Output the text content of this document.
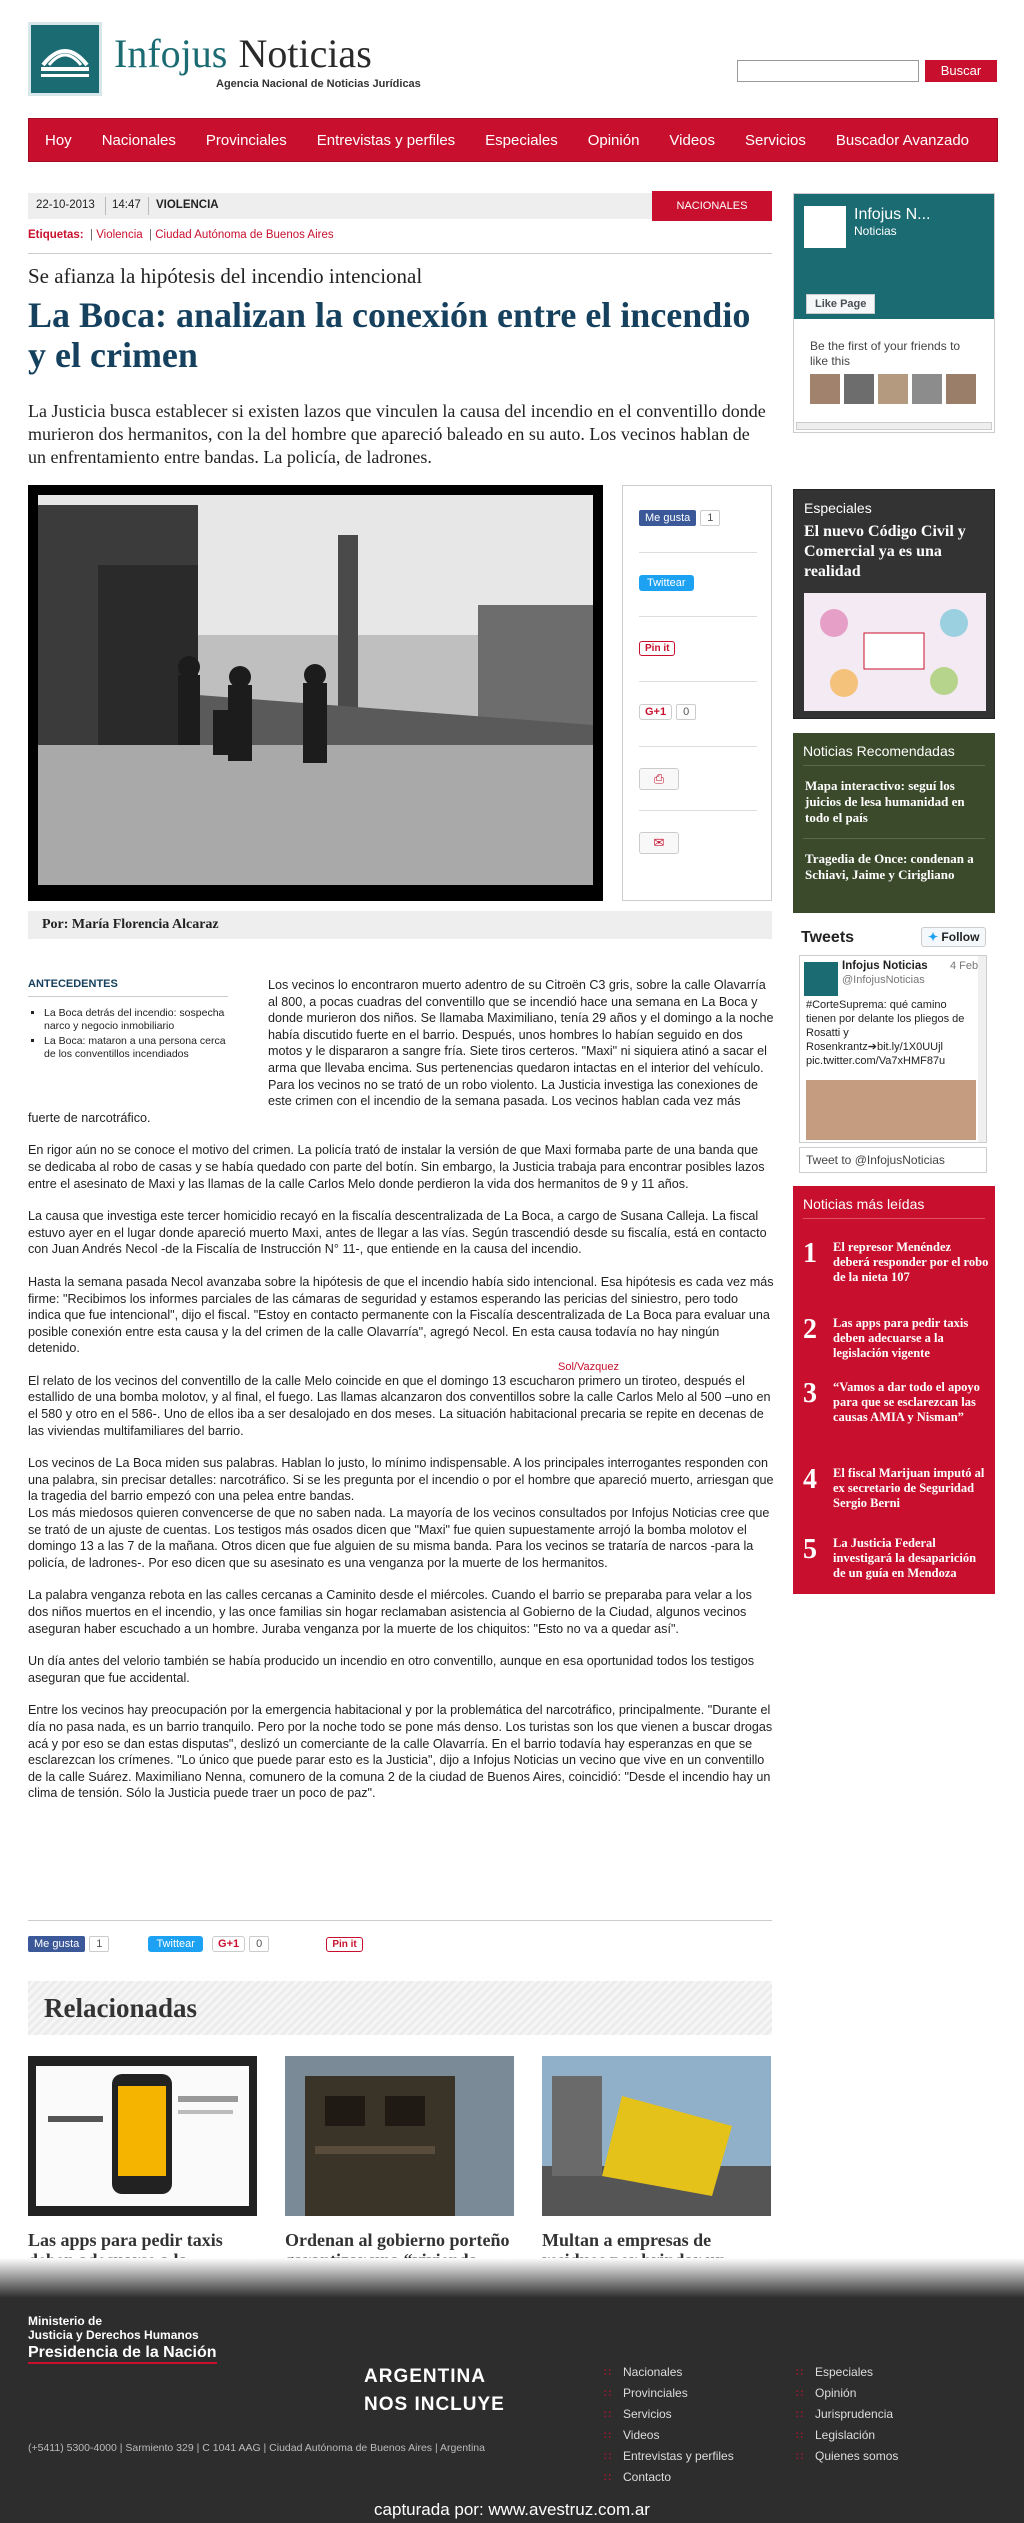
Infojus Noticias
Agencia Nacional de Noticias Jurídicas
Buscar
Hoy	Nacionales	Provinciales	Entrevistas y perfiles	Especiales	Opinión	Videos	Servicios	Buscador Avanzado
22-10-2013 14:47 VIOLENCIA	NACIONALES
Etiquetas:  | Violencia  | Ciudad Autónoma de Buenos Aires
Se afianza la hipótesis del incendio intencional
La Boca: analizan la conexión entre el incendio y el crimen

La Justicia busca establecer si existen lazos que vinculen la causa del incendio en el conventillo donde murieron dos hermanitos, con la del hombre que apareció baleado en su auto. Los vecinos hablan de un enfrentamiento entre bandas. La policía, de ladrones.

Sol/Vazquez
Me gusta 1
Twittear
Pin it
G+1 0
⎙
✉
Por: María Florencia Alcaraz
ANTECEDENTES
▪ La Boca detrás del incendio: sospecha narco y negocio inmobiliario
▪ La Boca: mataron a una persona cerca de los conventillos incendiados

Los vecinos lo encontraron muerto adentro de su Citroën C3 gris, sobre la calle Olavarría al 800, a pocas cuadras del conventillo que se incendió hace una semana en La Boca y donde murieron dos niños. Se llamaba Maximiliano, tenía 29 años y el domingo a la noche había discutido fuerte en el barrio. Después, unos hombres lo habían seguido en dos motos y le dispararon a sangre fría. Siete tiros certeros. "Maxi" ni siquiera atinó a sacar el arma que llevaba encima. Sus pertenencias quedaron intactas en el interior del vehículo. Para los vecinos no se trató de un robo violento. La Justicia investiga las conexiones de este crimen con el incendio de la semana pasada. Los vecinos hablan cada vez más fuerte de narcotráfico.

En rigor aún no se conoce el motivo del crimen. La policía trató de instalar la versión de que Maxi formaba parte de una banda que se dedicaba al robo de casas y se había quedado con parte del botín. Sin embargo, la Justicia trabaja para encontrar posibles lazos entre el asesinato de Maxi y las llamas de la calle Carlos Melo donde perdieron la vida dos hermanitos de 9 y 11 años.

La causa que investiga este tercer homicidio recayó en la fiscalía descentralizada de La Boca, a cargo de Susana Calleja. La fiscal estuvo ayer en el lugar donde apareció muerto Maxi, antes de llegar a las vías. Según trascendió desde su fiscalía, está en contacto con Juan Andrés Necol -de la Fiscalía de Instrucción N° 11-, que entiende en la causa del incendio.

Hasta la semana pasada Necol avanzaba sobre la hipótesis de que el incendio había sido intencional. Esa hipótesis es cada vez más firme: "Recibimos los informes parciales de las cámaras de seguridad y estamos esperando las pericias del siniestro, pero todo indica que fue intencional", dijo el fiscal. "Estoy en contacto permanente con la Fiscalía descentralizada de La Boca para evaluar una posible conexión entre esta causa y la del crimen de la calle Olavarría", agregó Necol. En esta causa todavía no hay ningún detenido.

El relato de los vecinos del conventillo de la calle Melo coincide en que el domingo 13 escucharon primero un tiroteo, después el estallido de una bomba molotov, y al final, el fuego. Las llamas alcanzaron dos conventillos sobre la calle Carlos Melo al 500 –uno en el 580 y otro en el 586-. Uno de ellos iba a ser desalojado en dos meses. La situación habitacional precaria se repite en decenas de las viviendas multifamiliares del barrio.

Los vecinos de La Boca miden sus palabras. Hablan lo justo, lo mínimo indispensable. A los principales interrogantes responden con una palabra, sin precisar detalles: narcotráfico. Si se les pregunta por el incendio o por el hombre que apareció muerto, arriesgan que la tragedia del barrio empezó con una pelea entre bandas.

Los más miedosos quieren convencerse de que no saben nada. La mayoría de los vecinos consultados por Infojus Noticias cree que se trató de un ajuste de cuentas. Los testigos más osados dicen que "Maxi" fue quien supuestamente arrojó la bomba molotov el domingo 13 a las 7 de la mañana. Otros dicen que fue alguien de su misma banda. Para los vecinos se trataría de narcos -para la policía, de ladrones-. Por eso dicen que su asesinato es una venganza por la muerte de los hermanitos.

La palabra venganza rebota en las calles cercanas a Caminito desde el miércoles. Cuando el barrio se preparaba para velar a los dos niños muertos en el incendio, y las once familias sin hogar reclamaban asistencia al Gobierno de la Ciudad, algunos vecinos aseguran haber escuchado a un hombre. Juraba venganza por la muerte de los chiquitos: "Esto no va a quedar así".

Un día antes del velorio también se había producido un incendio en otro conventillo, aunque en esa oportunidad todos los testigos aseguran que fue accidental.

Entre los vecinos hay preocupación por la emergencia habitacional y por la problemática del narcotráfico, principalmente. "Durante el día no pasa nada, es un barrio tranquilo. Pero por la noche todo se pone más denso. Los turistas son los que vienen a buscar drogas acá y por eso se dan estas disputas", deslizó un comerciante de la calle Olavarría. En el barrio todavía hay esperanzas en que se esclarezcan los crímenes. "Lo único que puede parar esto es la Justicia", dijo a Infojus Noticias un vecino que vive en un conventillo de la calle Suárez. Maximiliano Nenna, comunero de la comuna 2 de la ciudad de Buenos Aires, coincidió: "Desde el incendio hay un clima de tensión. Sólo la Justicia puede traer un poco de paz".

Me gusta 1	Twittear G+1 0	Pin it
Relacionadas
Las apps para pedir taxis	Ordenan al gobierno porteño Multan a empresas de
Infojus N...
Noticias
Like Page
Be the first of your friends to like this
Especiales
El nuevo Código Civil y Comercial ya es una realidad
Noticias Recomendadas
Mapa interactivo: seguí los juicios de lesa humanidad en todo el país
Tragedia de Once: condenan a Schiavi, Jaime y Cirigliano
Tweets	✦ Follow
Infojus Noticias 4 Feb
@InfojusNoticias
#CorteSuprema: qué camino tienen por delante los pliegos de Rosatti y Rosenkrantz➔bit.ly/1X0UUjl pic.twitter.com/Va7xHMF87u
Tweet to @InfojusNoticias
Noticias más leídas
1 El represor Menéndez deberá responder por el robo de la nieta 107
2 Las apps para pedir taxis deben adecuarse a la legislación vigente
3 “Vamos a dar todo el apoyo para que se esclarezcan las causas AMIA y Nisman”
4 El fiscal Marijuan imputó al ex secretario de Seguridad Sergio Berni
5 La Justicia Federal investigará la desaparición de un guía en Mendoza
Ministerio de
Justicia y Derechos Humanos
Presidencia de la Nación
ARGENTINA
NOS INCLUYE
(+5411) 5300-4000 | Sarmiento 329 | C 1041 AAG | Ciudad Autónoma de Buenos Aires | Argentina
∷ Nacionales
∷ Provinciales
∷ Servicios
∷ Videos
∷ Entrevistas y perfiles
∷ Contacto
∷ Especiales
∷ Opinión
∷ Jurisprudencia
∷ Legislación
∷ Quienes somos
capturada por: www.avestruz.com.ar
